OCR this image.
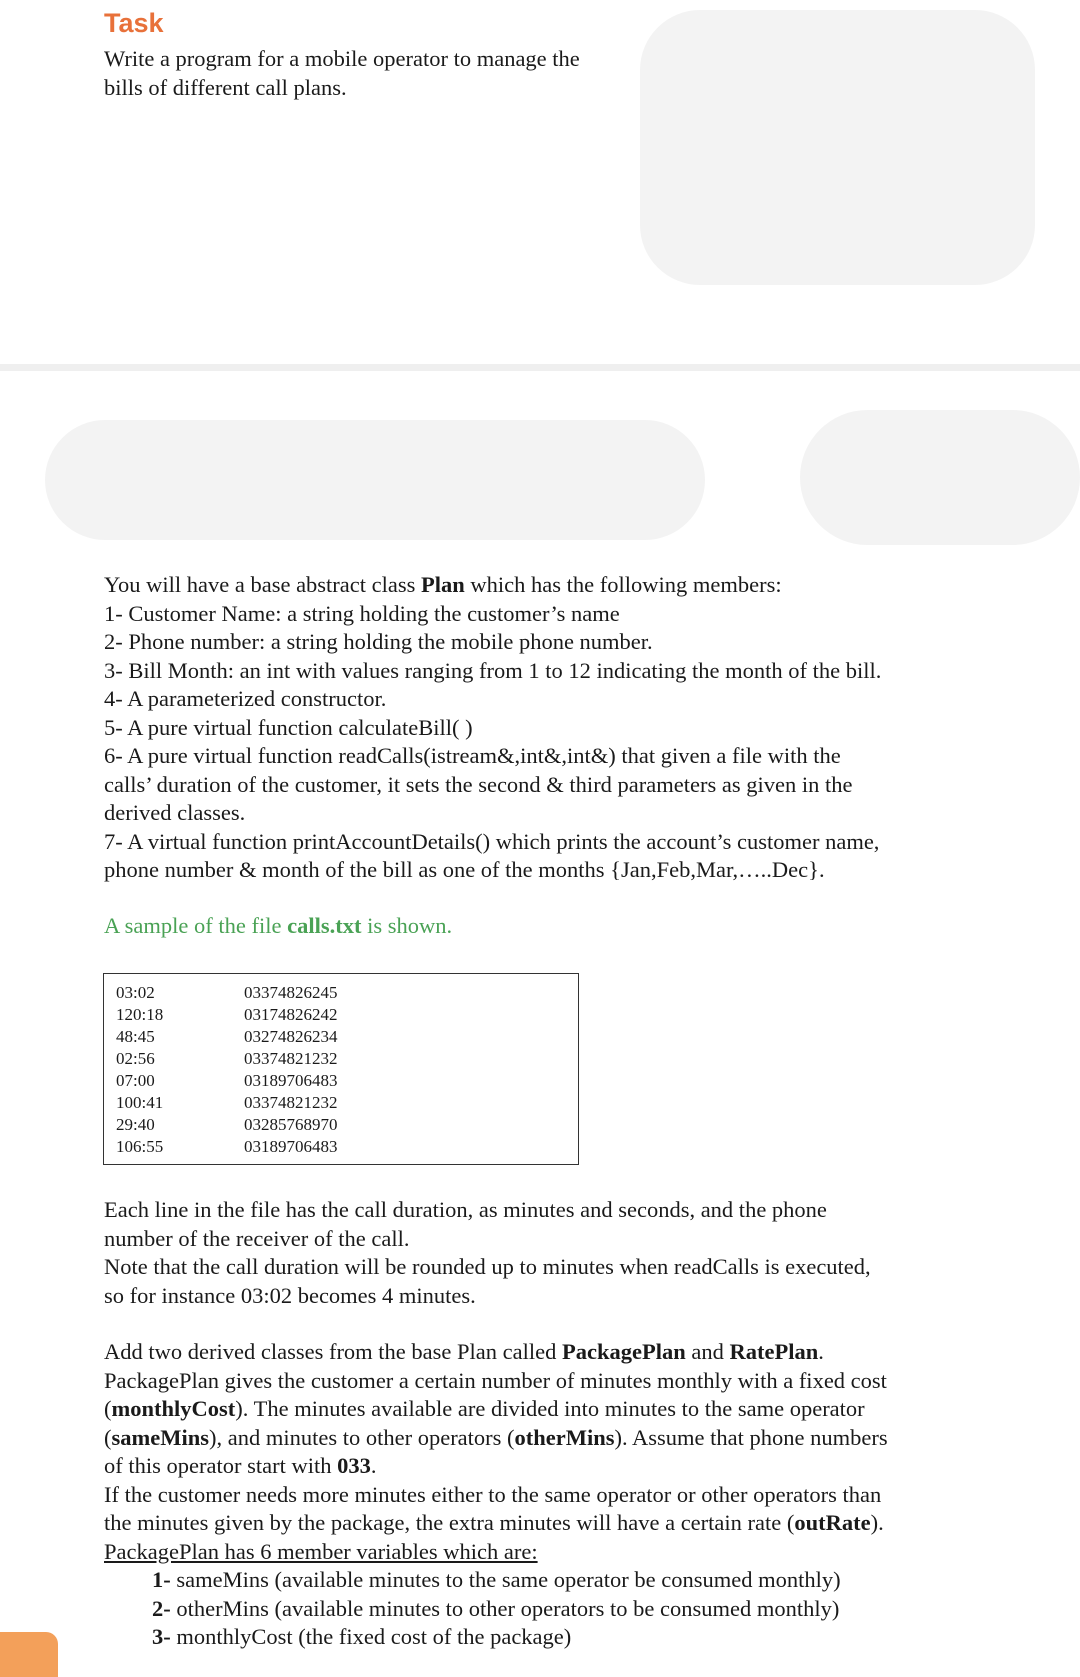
Task

Write a program for a mobile operator to manage the

bills of different call plans.

You will have a base abstract class Plan which has the following members:

1- Customer Name: a string holding the customer’s name

2- Phone number: a string holding the mobile phone number.

3- Bill Month: an int with values ranging from 1 to 12 indicating the month of the bill.

4- A parameterized constructor.

5- A pure virtual function calculateBill( )

6- A pure virtual function readCalls(istream&,int&,int&) that given a file with the

calls’ duration of the customer, it sets the second & third parameters as given in the

derived classes.

7- A virtual function printAccountDetails() which prints the account’s customer name,

phone number & month of the bill as one of the months {Jan,Feb,Mar,…..Dec}.

A sample of the file calls.txt is shown.
03:02	03374826245
120:18	03174826242
48:45	03274826234
02:56	03374821232
07:00	03189706483
100:41	03374821232
29:40	03285768970
106:55	03189706483

Each line in the file has the call duration, as minutes and seconds, and the phone

number of the receiver of the call.

Note that the call duration will be rounded up to minutes when readCalls is executed,

so for instance 03:02 becomes 4 minutes.

Add two derived classes from the base Plan called PackagePlan and RatePlan.

PackagePlan gives the customer a certain number of minutes monthly with a fixed cost

(monthlyCost). The minutes available are divided into minutes to the same operator

(sameMins), and minutes to other operators (otherMins). Assume that phone numbers

of this operator start with 033.

If the customer needs more minutes either to the same operator or other operators than

the minutes given by the package, the extra minutes will have a certain rate (outRate).

PackagePlan has 6 member variables which are:

1- sameMins (available minutes to the same operator be consumed monthly)

2- otherMins (available minutes to other operators to be consumed monthly)

3- monthlyCost (the fixed cost of the package)
